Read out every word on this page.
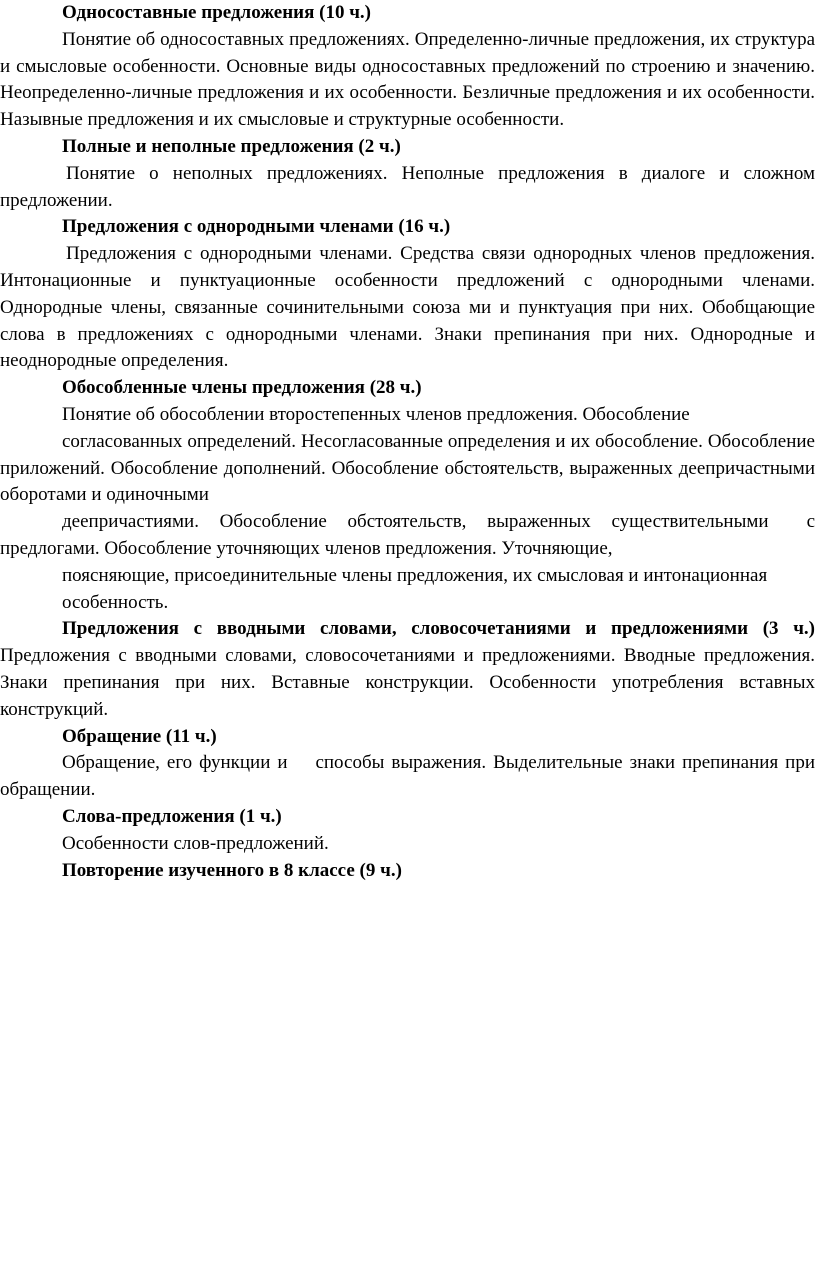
Односоставные предложения (10 ч.)

Понятие об односоставных предложениях. Определенно-личные предложения, их структура и смысловые особенности. Основные виды односоставных предложений по строению и значению. Неопределенно-личные предложения и их особенности. Безличные предложения и их особенности. Назывные предложения и их смысловые и структурные особенности.

Полные и неполные предложения (2 ч.)

Понятие о неполных предложениях. Неполные предложения в диалоге и сложном предложении.

Предложения с однородными членами (16 ч.)

Предложения с однородными членами. Средства связи однородных членов предложения. Интонационные и пунктуационные особенности предложений с однородными членами. Однородные члены, связанные сочинительными союза ми и пунктуация при них. Обобщающие слова в предложениях с однородными членами. Знаки препинания при них. Однородные и неоднородные определения.

Обособленные члены предложения (28 ч.)

Понятие об обособлении второстепенных членов предложения. Обособление

согласованных определений. Несогласованные определения и их обособление. Обособление приложений. Обособление дополнений. Обособление обстоятельств, выраженных деепричастными оборотами и одиночными

деепричастиями. Обособление обстоятельств, выраженных существительными с предлогами. Обособление уточняющих членов предложения. Уточняющие,

поясняющие, присоединительные члены предложения, их смысловая и интонационная особенность.

Предложения с вводными словами, словосочетаниями и предложениями (3 ч.) Предложения с вводными словами, словосочетаниями и предложениями. Вводные предложения. Знаки препинания при них. Вставные конструкции. Особенности употребления вставных конструкций.

Обращение (11 ч.)

Обращение, его функции и    способы выражения. Выделительные знаки препинания при обращении.

Слова-предложения (1 ч.)

Особенности слов-предложений.

Повторение изученного в 8 классе (9 ч.)
